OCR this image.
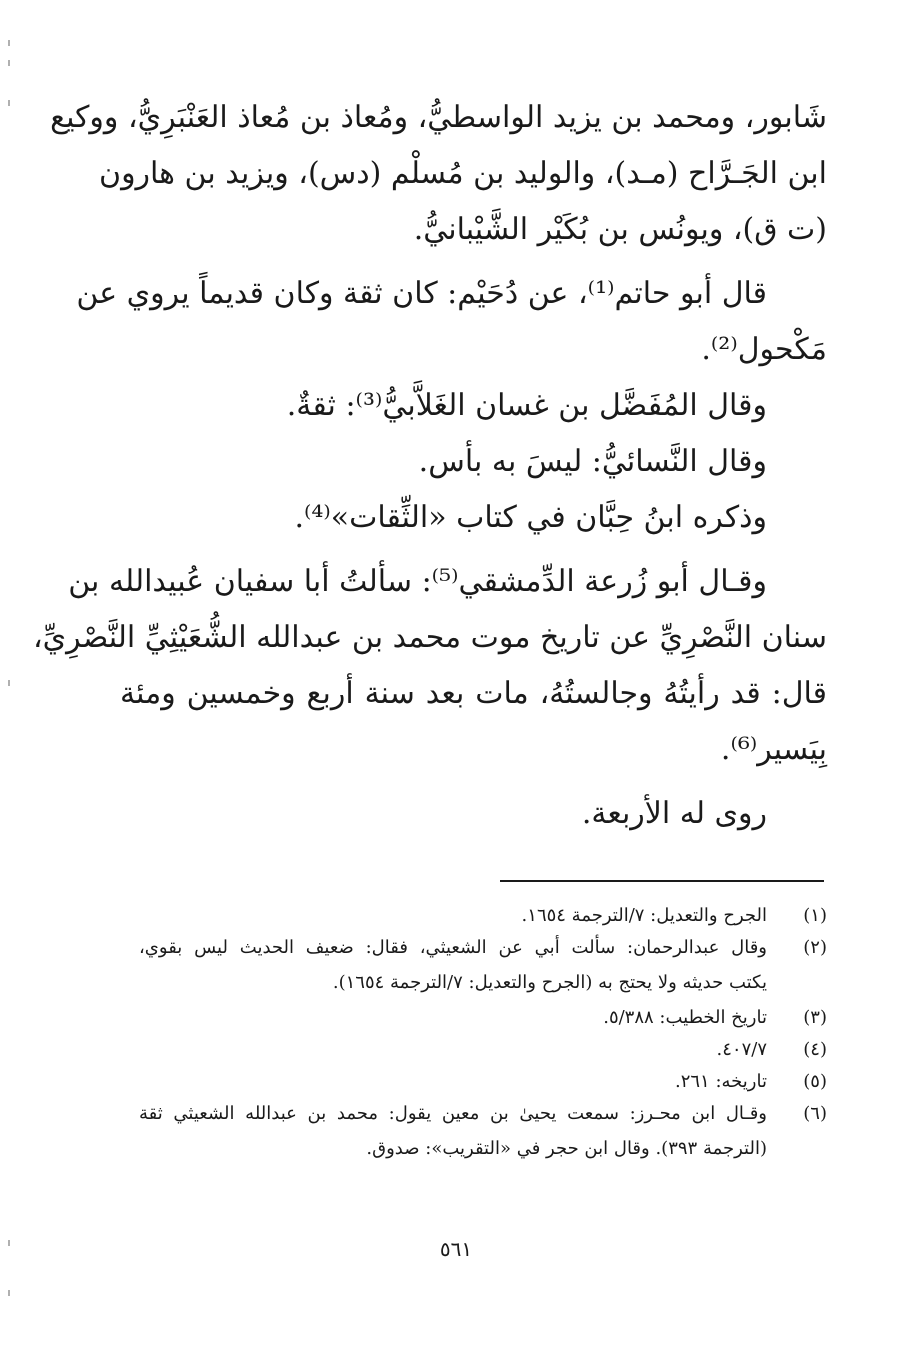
شَابور، ومحمد بن يزيد الواسطيُّ، ومُعاذ بن مُعاذ العَنْبَرِيُّ، ووكيع
ابن الجَـرَّاح (مـد)، والوليد بن مُسلْم (دس)، ويزيد بن هارون
(ت ق)، ويونُس بن بُكَيْر الشَّيْبانيُّ.
قال أبو حاتم⁽¹⁾، عن دُحَيْم: كان ثقة وكان قديماً يروي عن
مَكْحول⁽²⁾.
وقال المُفَضَّل بن غسان الغَلاَّبيُّ⁽³⁾: ثقةٌ.
وقال النَّسائيُّ: ليسَ به بأس.
وذكره ابنُ حِبَّان في كتاب «الثِّقات»⁽⁴⁾.
وقـال أبو زُرعة الدِّمشقي⁽⁵⁾: سألتُ أبا سفيان عُبيدالله بن
سنان النَّصْرِيِّ عن تاريخ موت محمد بن عبدالله الشُّعَيْثِيِّ النَّصْرِيِّ،
قال: قد رأيتُهُ وجالستُهُ، مات بعد سنة أربع وخمسين ومئة
بِيَسير⁽⁶⁾.
روى له الأربعة.
(١)الجرح والتعديل: ٧/الترجمة ١٦٥٤.
(٢)وقال عبدالرحمان: سألت أبي عن الشعيثي، فقال: ضعيف الحديث ليس بقوي،
يكتب حديثه ولا يحتج به (الجرح والتعديل: ٧/الترجمة ١٦٥٤).
(٣)تاريخ الخطيب: ٥/٣٨٨.
(٤)٤٠٧/٧.
(٥)تاريخه: ٢٦١.
(٦)وقـال ابن محـرز: سمعت يحيىٰ بن معين يقول: محمد بن عبدالله الشعيثي ثقة
(الترجمة ٣٩٣). وقال ابن حجر في «التقريب»: صدوق.
٥٦١
